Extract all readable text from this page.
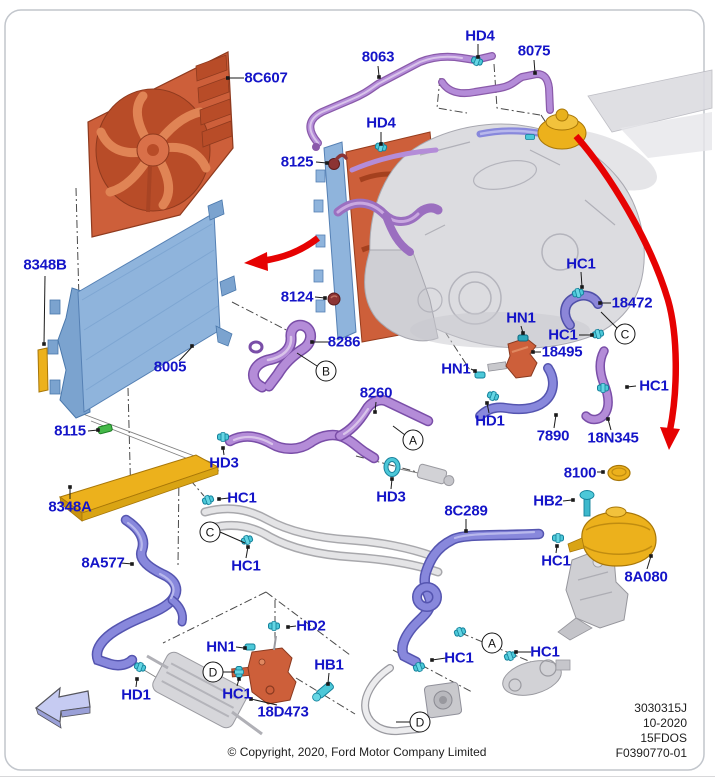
8C607
8063
HD4
8075
HD4
8125
8348B
8124
8286
8005
8260
8115
HD3
HD3
8348A
HC1
HC1
8A577
HC1
18472
HN1
HC1
18495
HN1
HC1
HD1
7890 18N345
8100
HB2
8C289
HC1
8A080
HD2
HN1
HB1
HC1
18D473
HD1
HC1	HC1
B
A
C
C
D
A
D
© Copyright, 2020, Ford Motor Company Limited
3030315J
10-2020
15FDOS
F0390770-01
